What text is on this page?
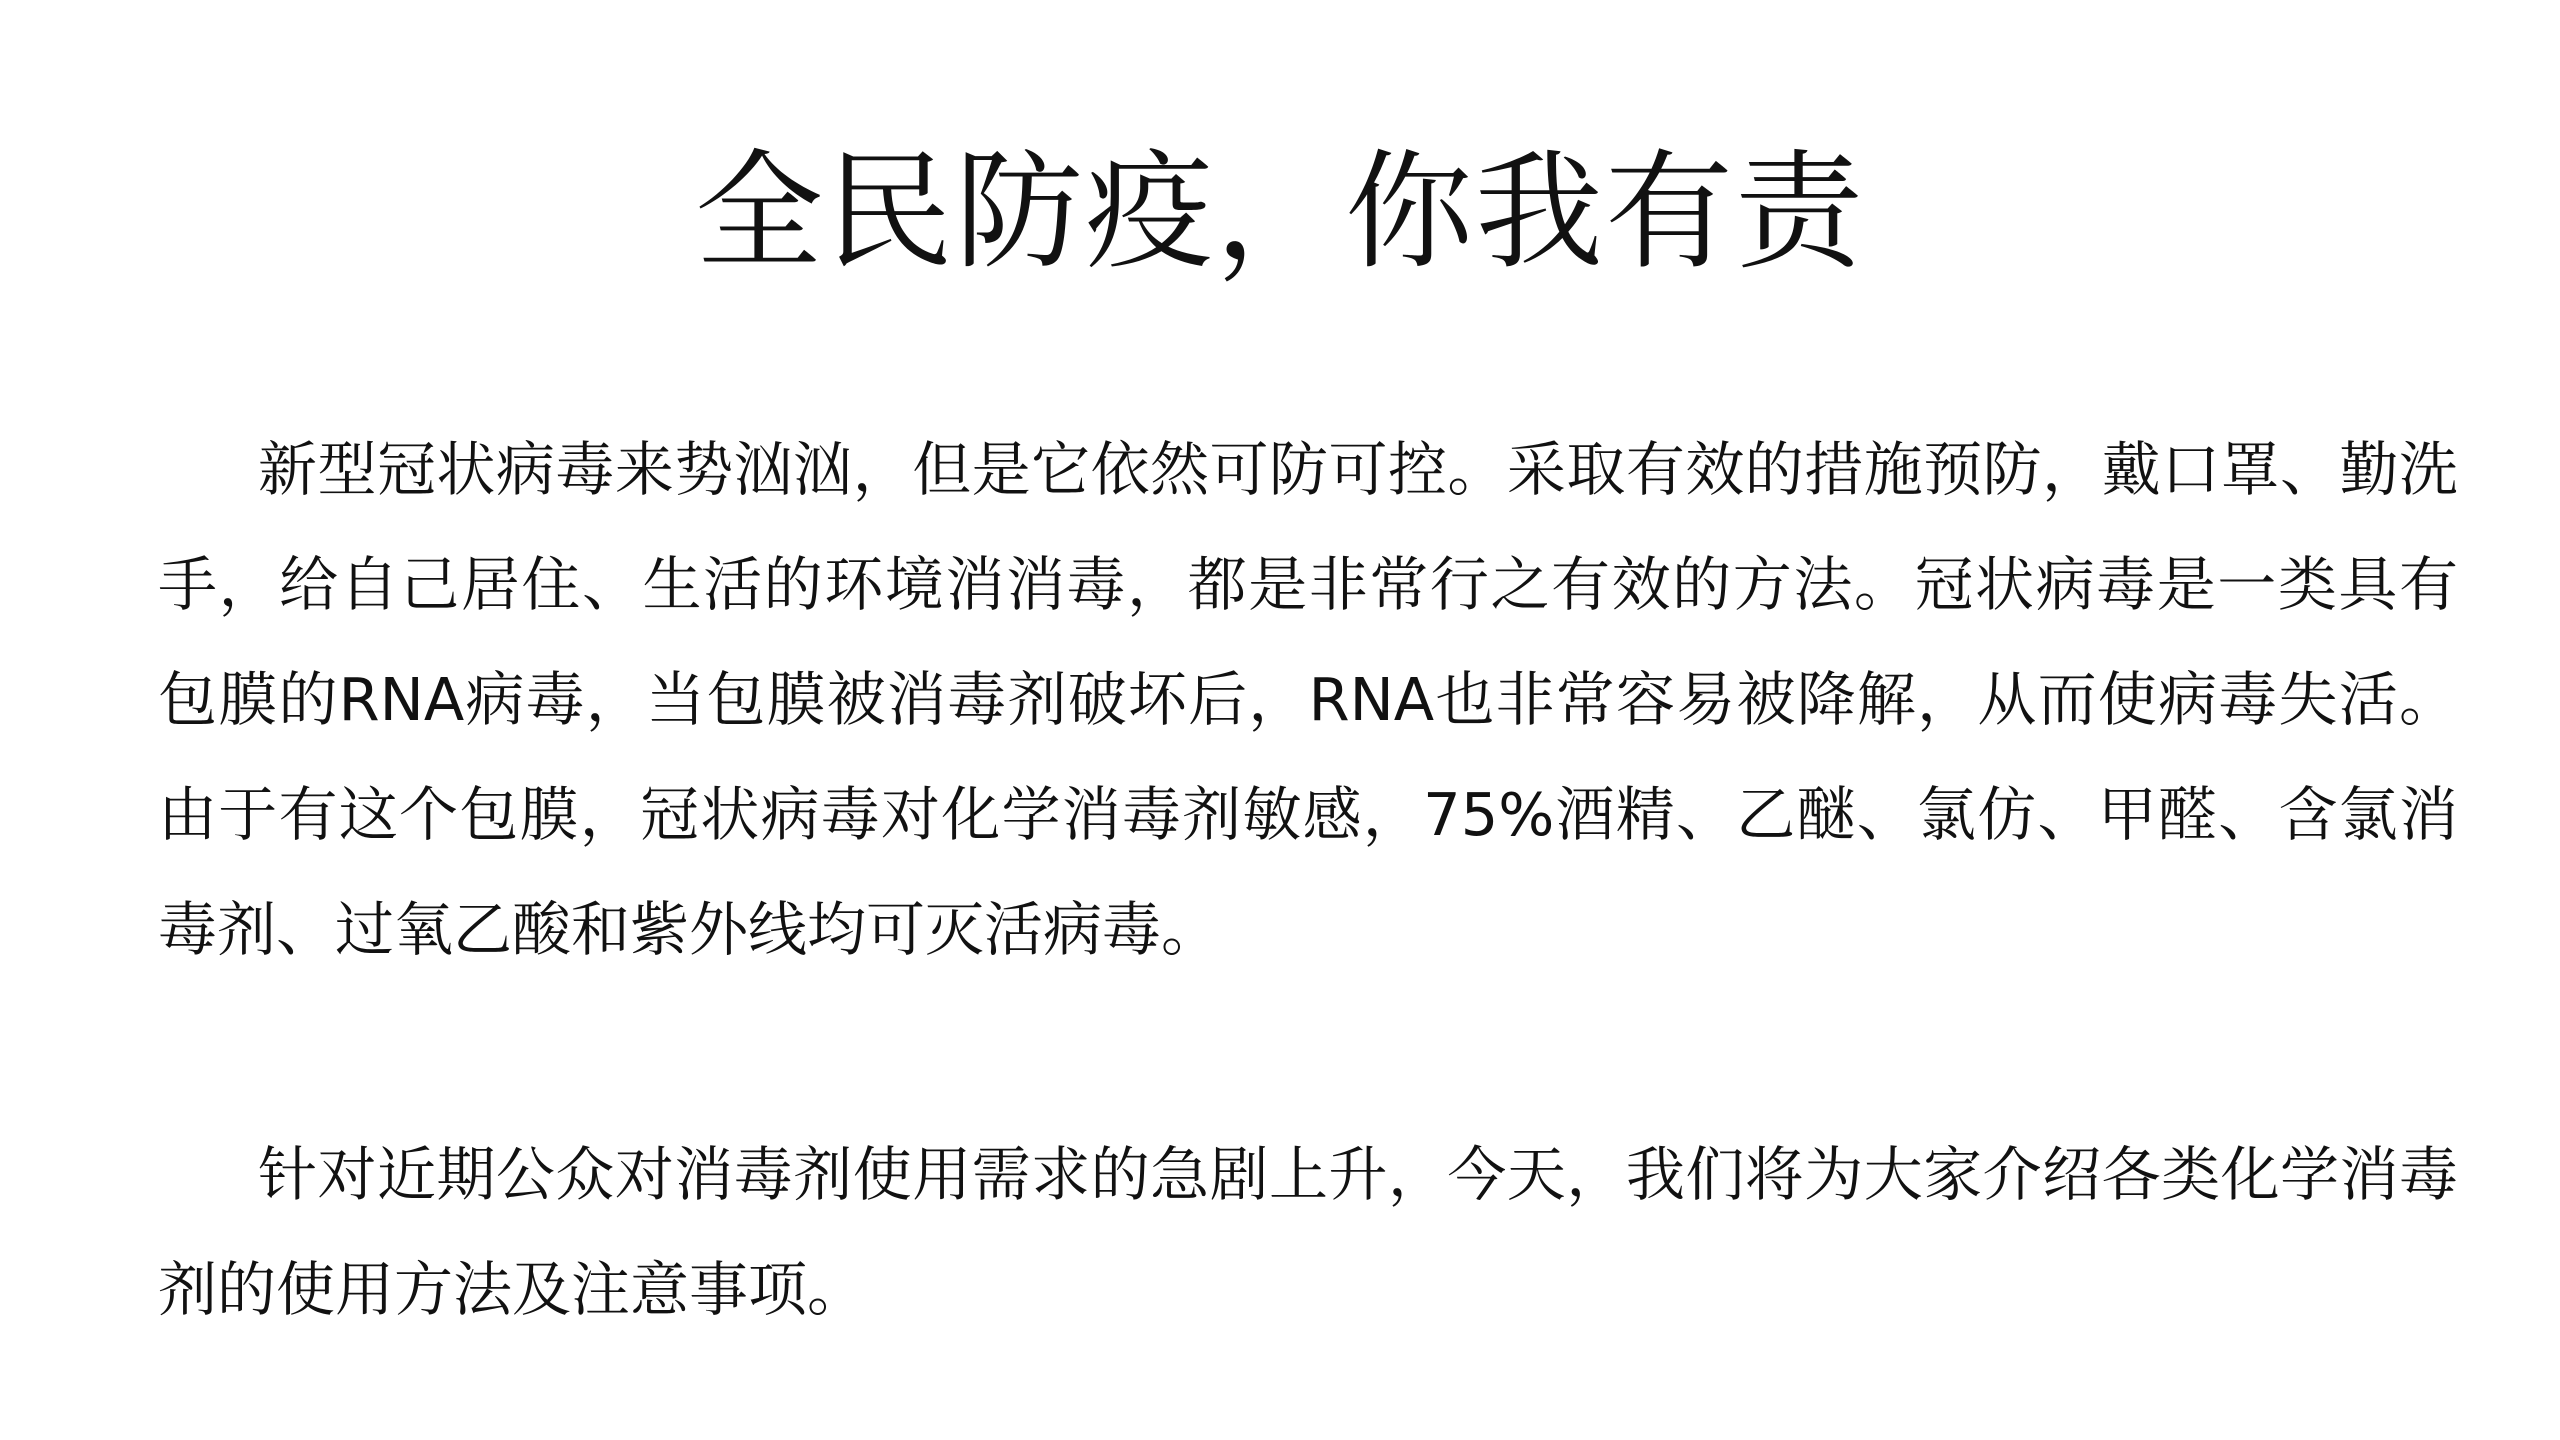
全民防疫，你我有责

新型冠状病毒来势汹汹，但是它依然可防可控。采取有效的措施预防，戴口罩、勤洗手，给自己居住、生活的环境消消毒，都是非常行之有效的方法。冠状病毒是一类具有包膜的RNA病毒，当包膜被消毒剂破坏后，RNA也非常容易被降解，从而使病毒失活。由于有这个包膜，冠状病毒对化学消毒剂敏感，75%酒精、乙醚、氯仿、甲醛、含氯消毒剂、过氧乙酸和紫外线均可灭活病毒。

针对近期公众对消毒剂使用需求的急剧上升，今天，我们将为大家介绍各类化学消毒剂的使用方法及注意事项。
